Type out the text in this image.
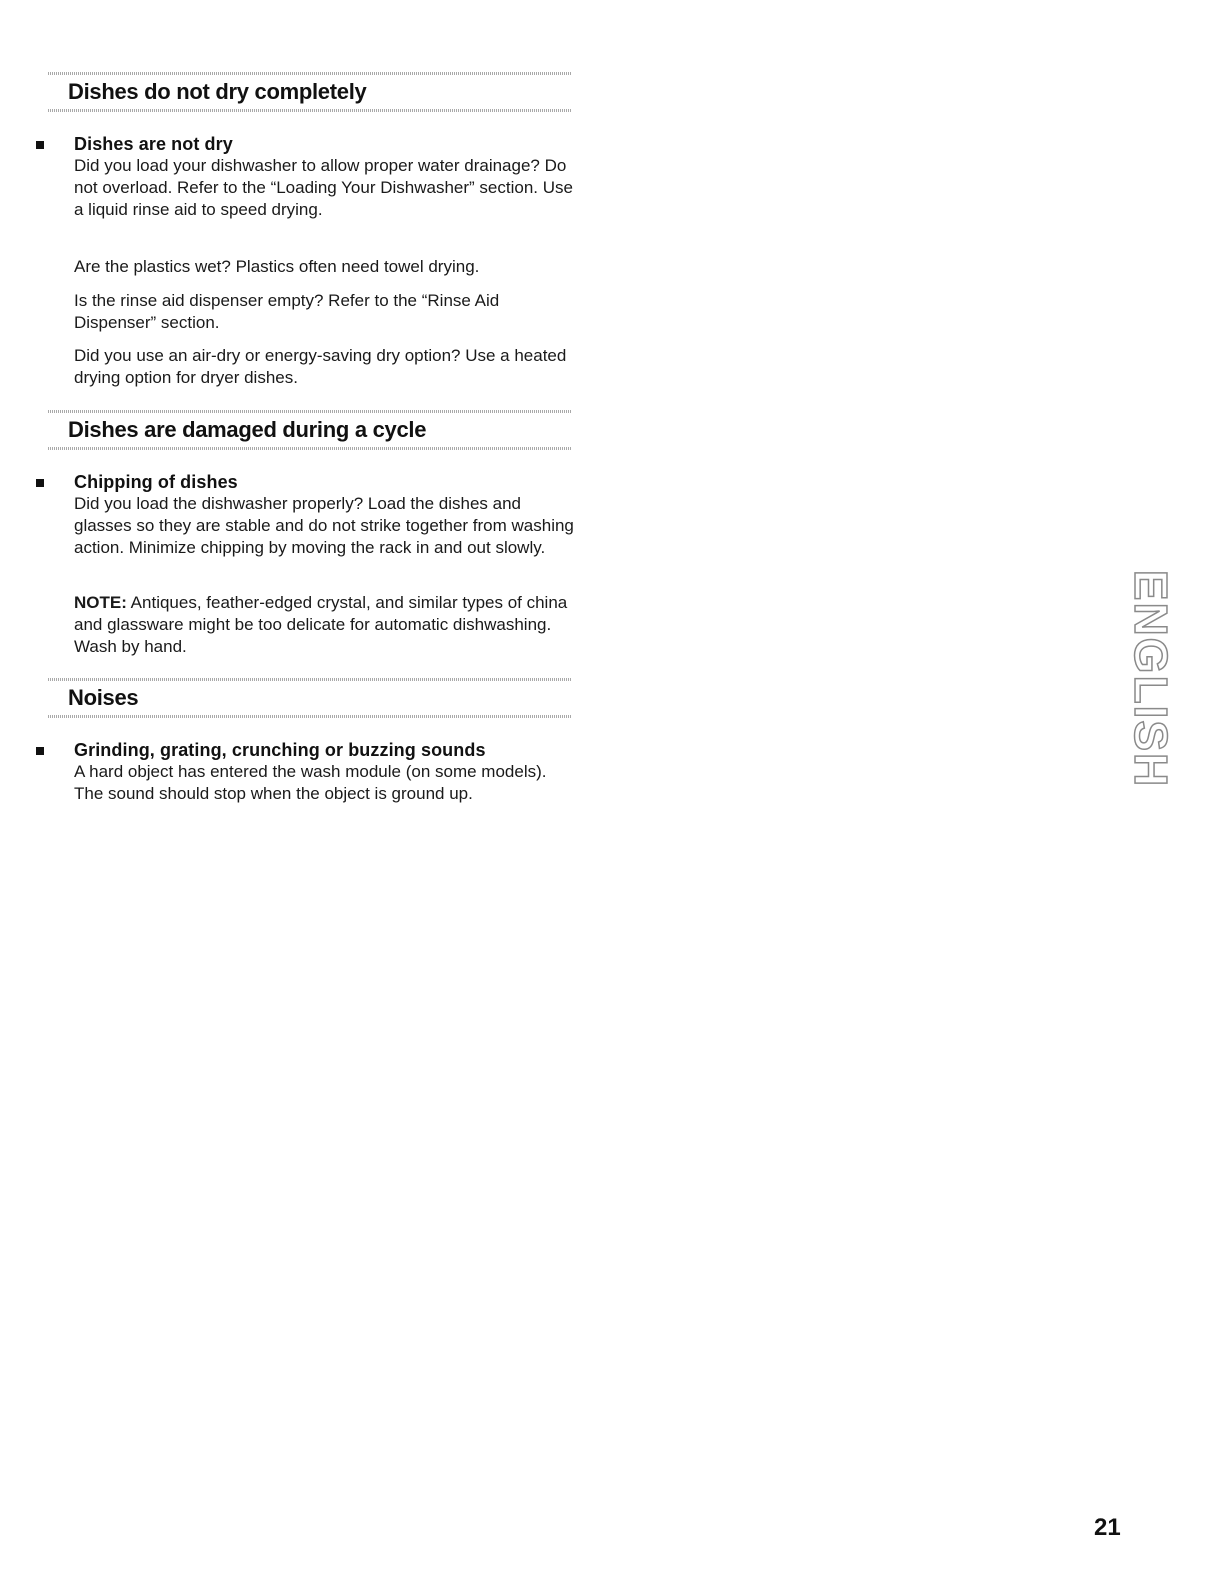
Dishes do not dry completely
Dishes are not dry

Did you load your dishwasher to allow proper water drainage? Do not overload. Refer to the “Loading Your Dishwasher” section. Use a liquid rinse aid to speed drying.

Are the plastics wet? Plastics often need towel drying.

Is the rinse aid dispenser empty? Refer to the “Rinse Aid Dispenser” section.

Did you use an air-dry or energy-saving dry option? Use a heated drying option for dryer dishes.

Dishes are damaged during a cycle
Chipping of dishes

Did you load the dishwasher properly? Load the dishes and glasses so they are stable and do not strike together from washing action. Minimize chipping by moving the rack in and out slowly.

NOTE: Antiques, feather-edged crystal, and similar types of china and glassware might be too delicate for automatic dishwashing. Wash by hand.

Noises
Grinding, grating, crunching or buzzing sounds

A hard object has entered the wash module (on some models). The sound should stop when the object is ground up.

ENGLISH
21
